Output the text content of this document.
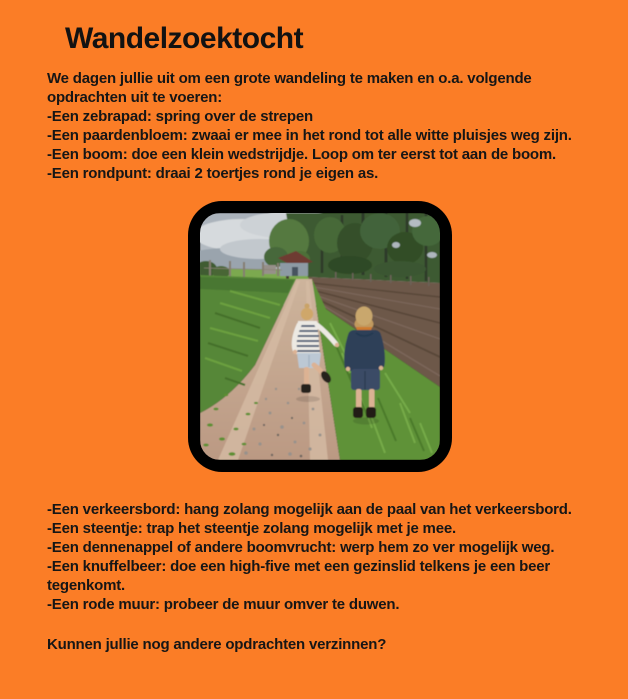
Wandelzoektocht
We dagen jullie uit om een grote wandeling te maken en o.a. volgende
opdrachten uit te voeren:
-Een zebrapad: spring over de strepen
-Een paardenbloem: zwaai er mee in het rond tot alle witte pluisjes weg zijn.
-Een boom: doe een klein wedstrijdje. Loop om ter eerst tot aan de boom.
-Een rondpunt: draai 2 toertjes rond je eigen as.
-Een verkeersbord: hang zolang mogelijk aan de paal van het verkeersbord.
-Een steentje: trap het steentje zolang mogelijk met je mee.
-Een dennenappel of andere boomvrucht: werp hem zo ver mogelijk weg.
-Een knuffelbeer: doe een high-five met een gezinslid telkens je een beer
tegenkomt.
-Een rode muur: probeer de muur omver te duwen.
Kunnen jullie nog andere opdrachten verzinnen?
